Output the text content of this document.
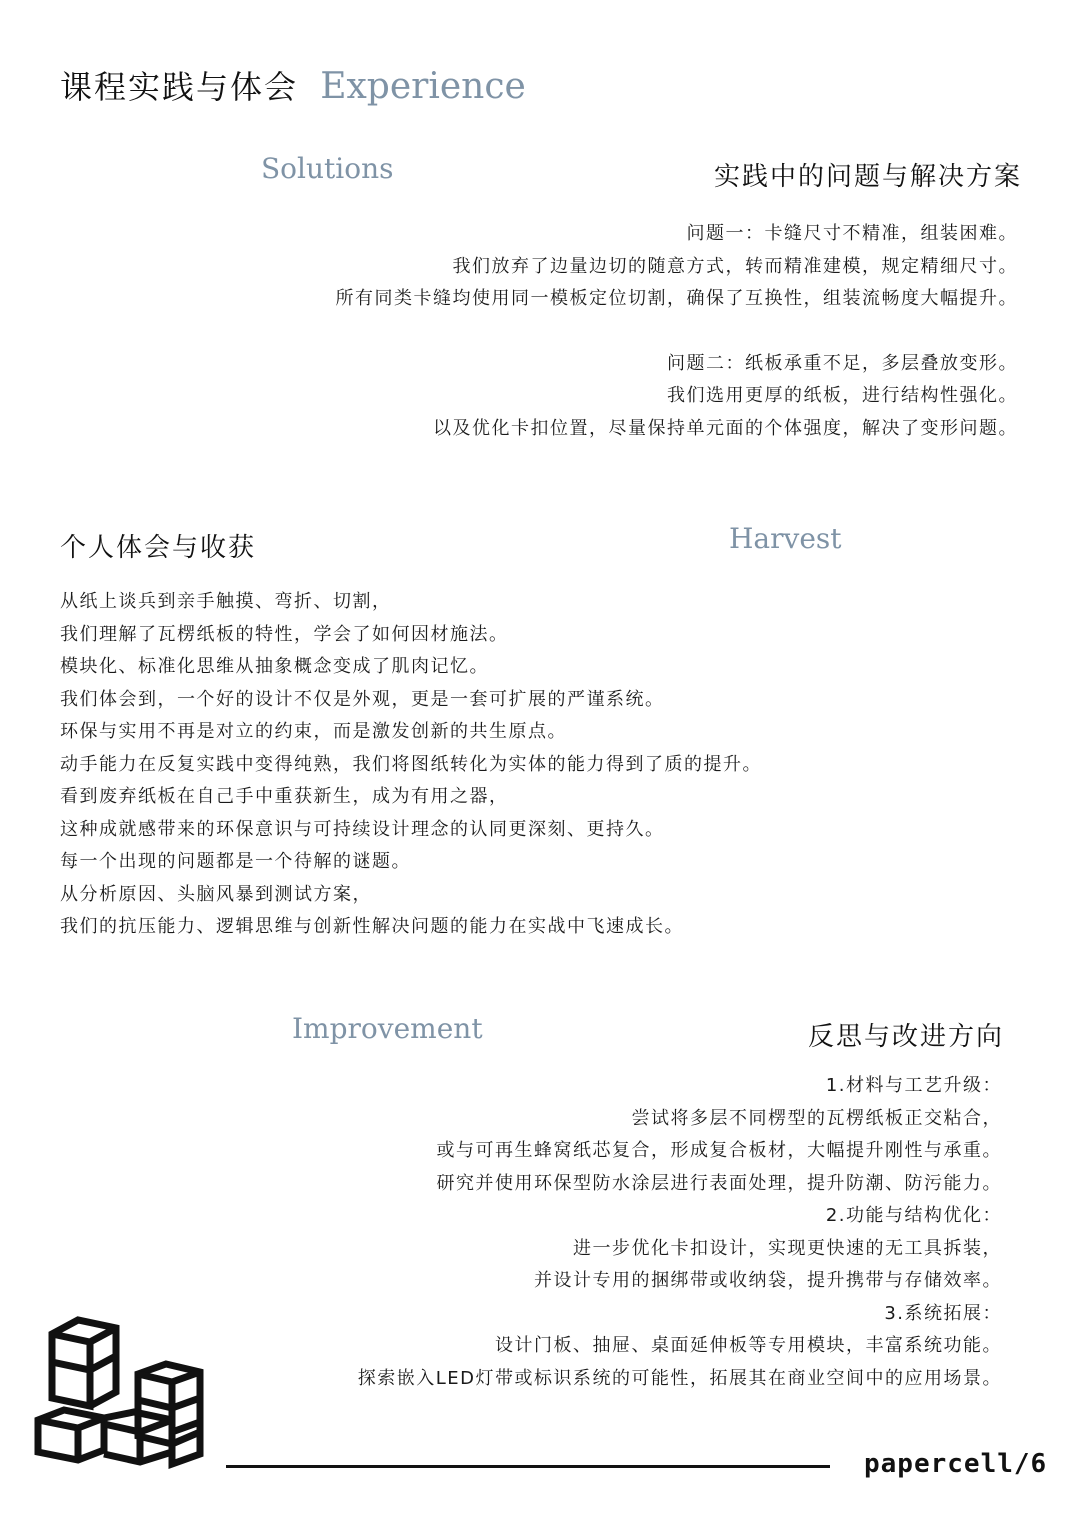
课程实践与体会 Experience
Solutions	实践中的问题与解决方案
问题一：卡缝尺寸不精准，组装困难。
我们放弃了边量边切的随意方式，转而精准建模，规定精细尺寸。
所有同类卡缝均使用同一模板定位切割，确保了互换性，组装流畅度大幅提升。
问题二：纸板承重不足，多层叠放变形。
我们选用更厚的纸板，进行结构性强化。
以及优化卡扣位置，尽量保持单元面的个体强度，解决了变形问题。
个人体会与收获	Harvest
从纸上谈兵到亲手触摸、弯折、切割，
我们理解了瓦楞纸板的特性，学会了如何因材施法。
模块化、标准化思维从抽象概念变成了肌肉记忆。
我们体会到，一个好的设计不仅是外观，更是一套可扩展的严谨系统。
环保与实用不再是对立的约束，而是激发创新的共生原点。
动手能力在反复实践中变得纯熟，我们将图纸转化为实体的能力得到了质的提升。
看到废弃纸板在自己手中重获新生，成为有用之器，
这种成就感带来的环保意识与可持续设计理念的认同更深刻、更持久。
每一个出现的问题都是一个待解的谜题。
从分析原因、头脑风暴到测试方案，
我们的抗压能力、逻辑思维与创新性解决问题的能力在实战中飞速成长。
Improvement	反思与改进方向
1.材料与工艺升级：
尝试将多层不同楞型的瓦楞纸板正交粘合，
或与可再生蜂窝纸芯复合，形成复合板材，大幅提升刚性与承重。
研究并使用环保型防水涂层进行表面处理，提升防潮、防污能力。
2.功能与结构优化：
进一步优化卡扣设计，实现更快速的无工具拆装，
并设计专用的捆绑带或收纳袋，提升携带与存储效率。
3.系统拓展：
设计门板、抽屉、桌面延伸板等专用模块，丰富系统功能。
探索嵌入LED灯带或标识系统的可能性，拓展其在商业空间中的应用场景。
papercell/6
